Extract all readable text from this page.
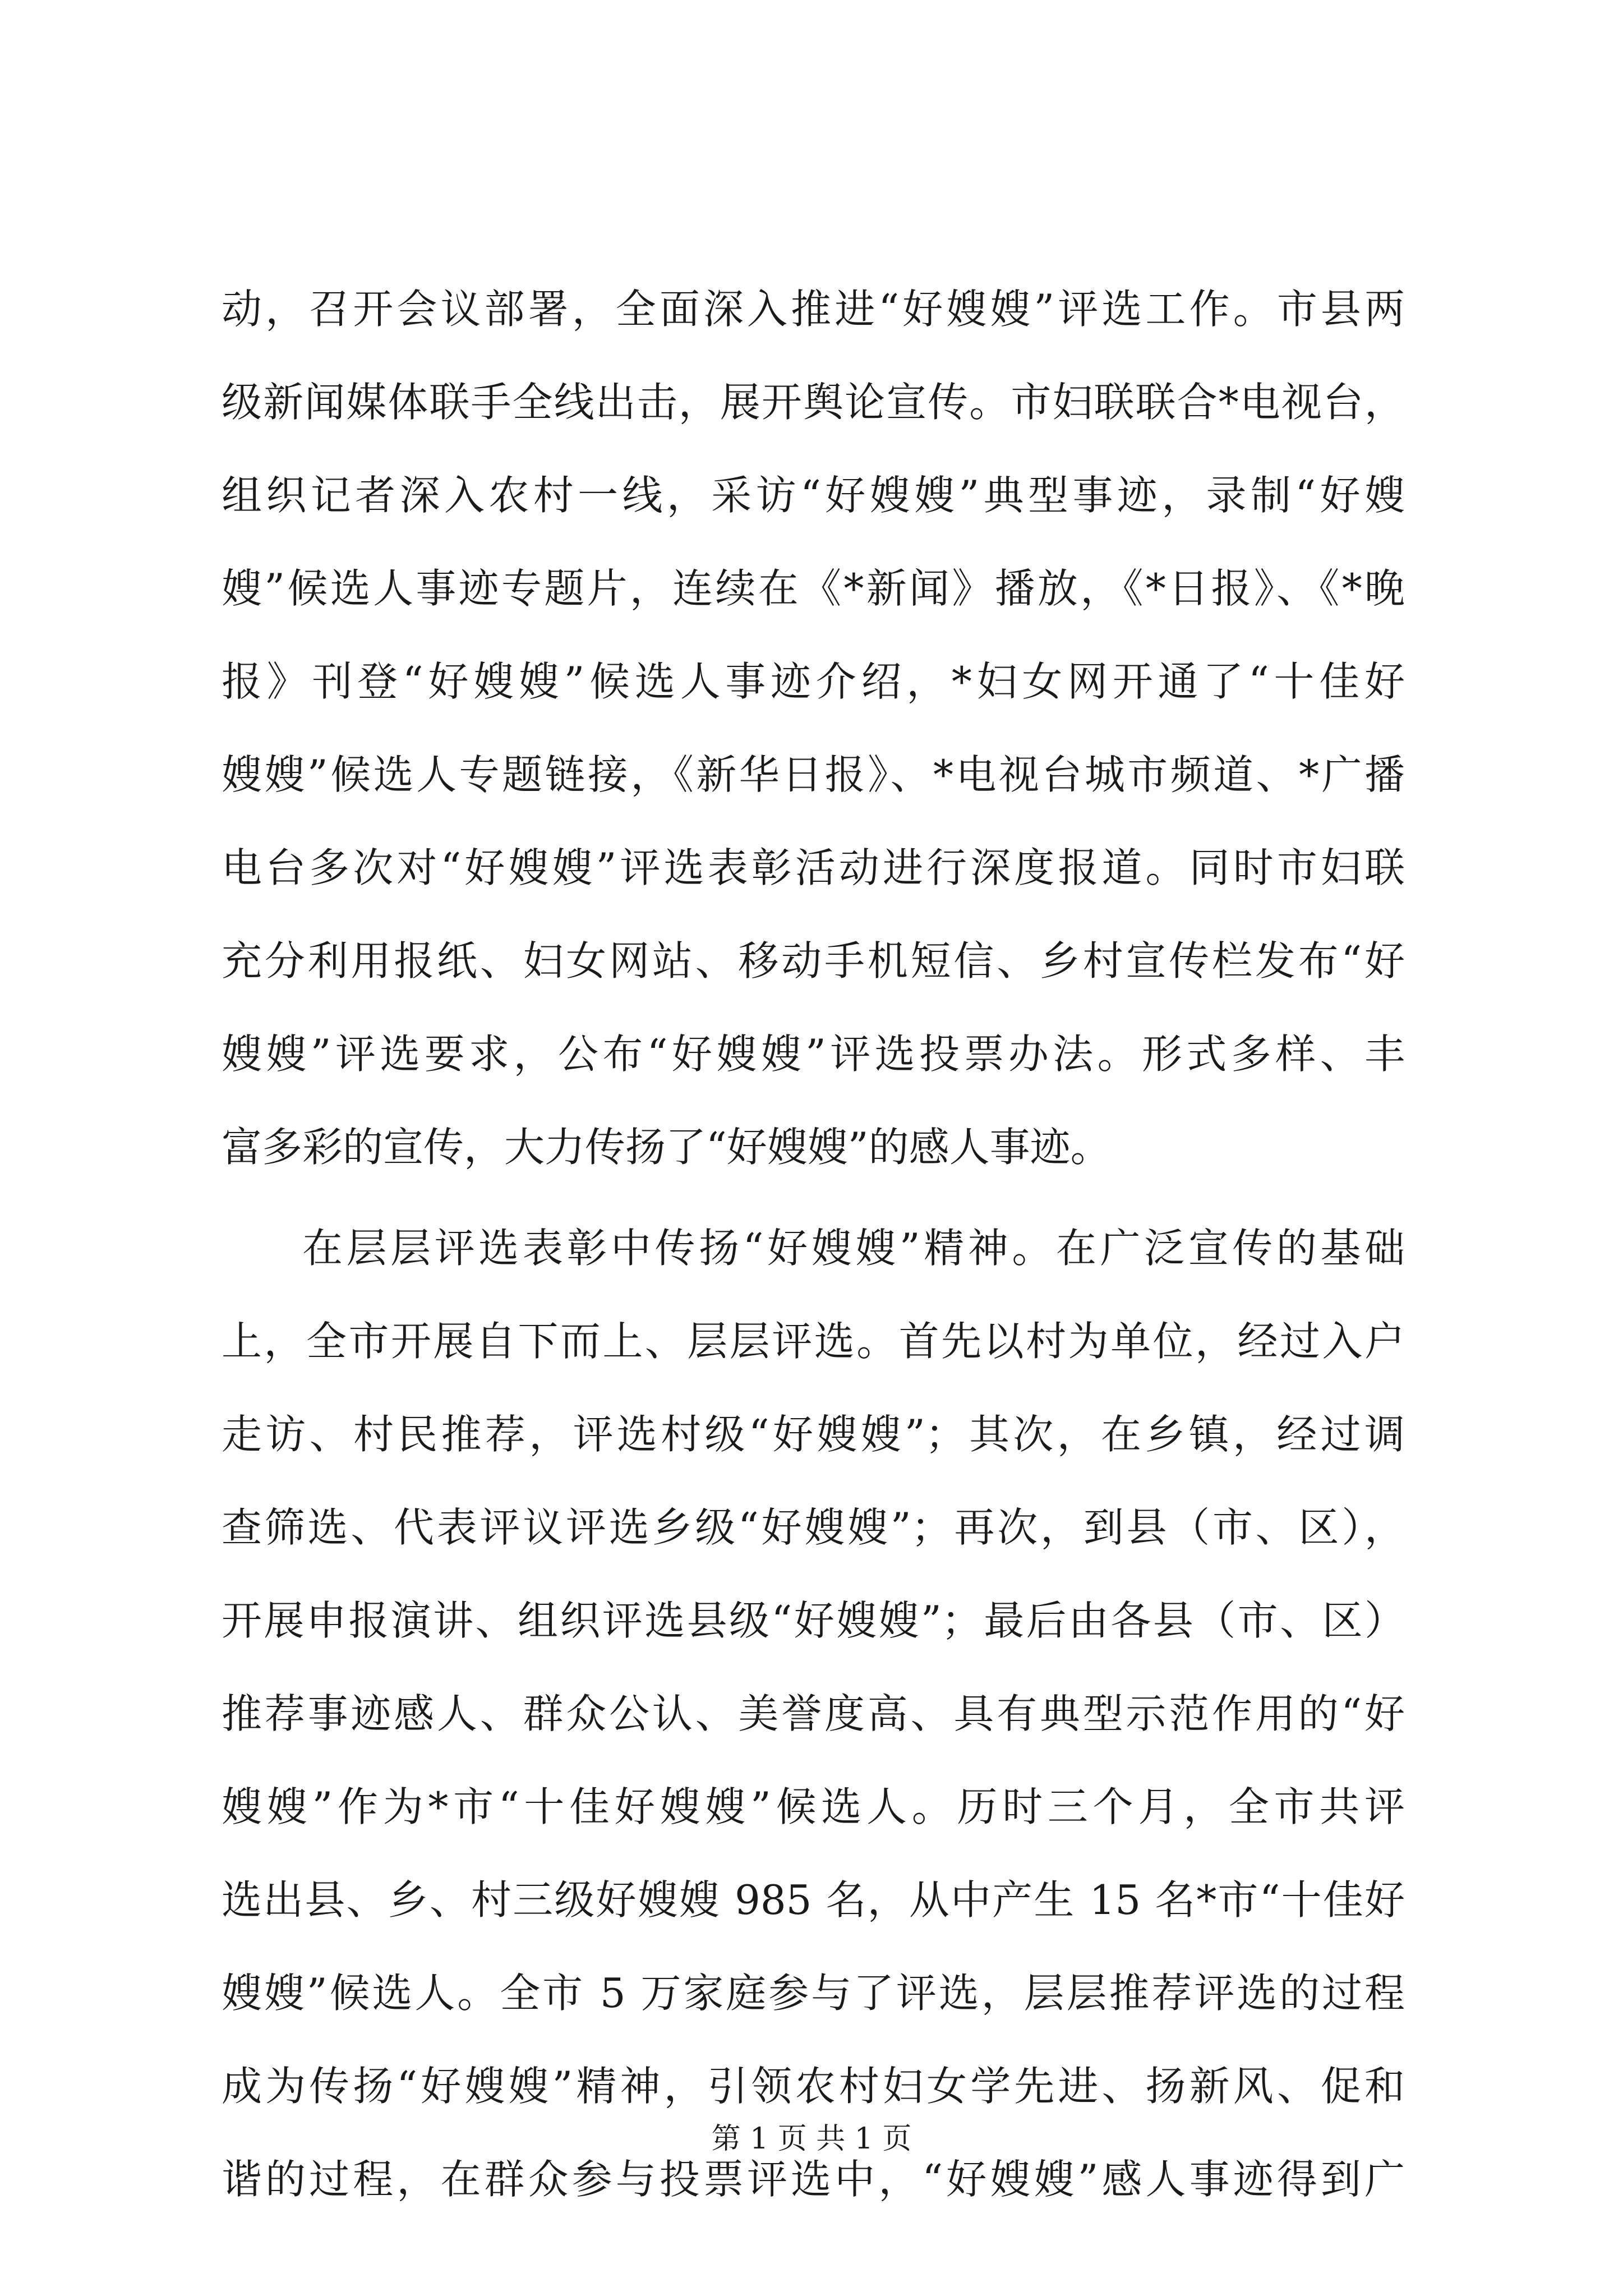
动，召开会议部署，全面深入推进“好嫂嫂”评选工作。市县两
级新闻媒体联手全线出击，展开舆论宣传。市妇联联合*电视台，
组织记者深入农村一线，采访“好嫂嫂”典型事迹，录制“好嫂
嫂”候选人事迹专题片，连续在《*新闻》播放，《*日报》、《*晚
报》刊登“好嫂嫂”候选人事迹介绍，*妇女网开通了“十佳好
嫂嫂”候选人专题链接，《新华日报》、*电视台城市频道、*广播
电台多次对“好嫂嫂”评选表彰活动进行深度报道。同时市妇联
充分利用报纸、妇女网站、移动手机短信、乡村宣传栏发布“好
嫂嫂”评选要求，公布“好嫂嫂”评选投票办法。形式多样、丰
富多彩的宣传，大力传扬了“好嫂嫂”的感人事迹。
在层层评选表彰中传扬“好嫂嫂”精神。在广泛宣传的基础
上，全市开展自下而上、层层评选。首先以村为单位，经过入户
走访、村民推荐，评选村级“好嫂嫂”；其次，在乡镇，经过调
查筛选、代表评议评选乡级“好嫂嫂”；再次，到县（市、区），
开展申报演讲、组织评选县级“好嫂嫂”；最后由各县（市、区）
推荐事迹感人、群众公认、美誉度高、具有典型示范作用的“好
嫂嫂”作为*市“十佳好嫂嫂”候选人。历时三个月，全市共评
选出县、乡、村三级好嫂嫂 985 名，从中产生 15 名*市“十佳好
嫂嫂”候选人。全市 5 万家庭参与了评选，层层推荐评选的过程
成为传扬“好嫂嫂”精神，引领农村妇女学先进、扬新风、促和
谐的过程，在群众参与投票评选中，“好嫂嫂”感人事迹得到广
第 1 页 共 1 页
